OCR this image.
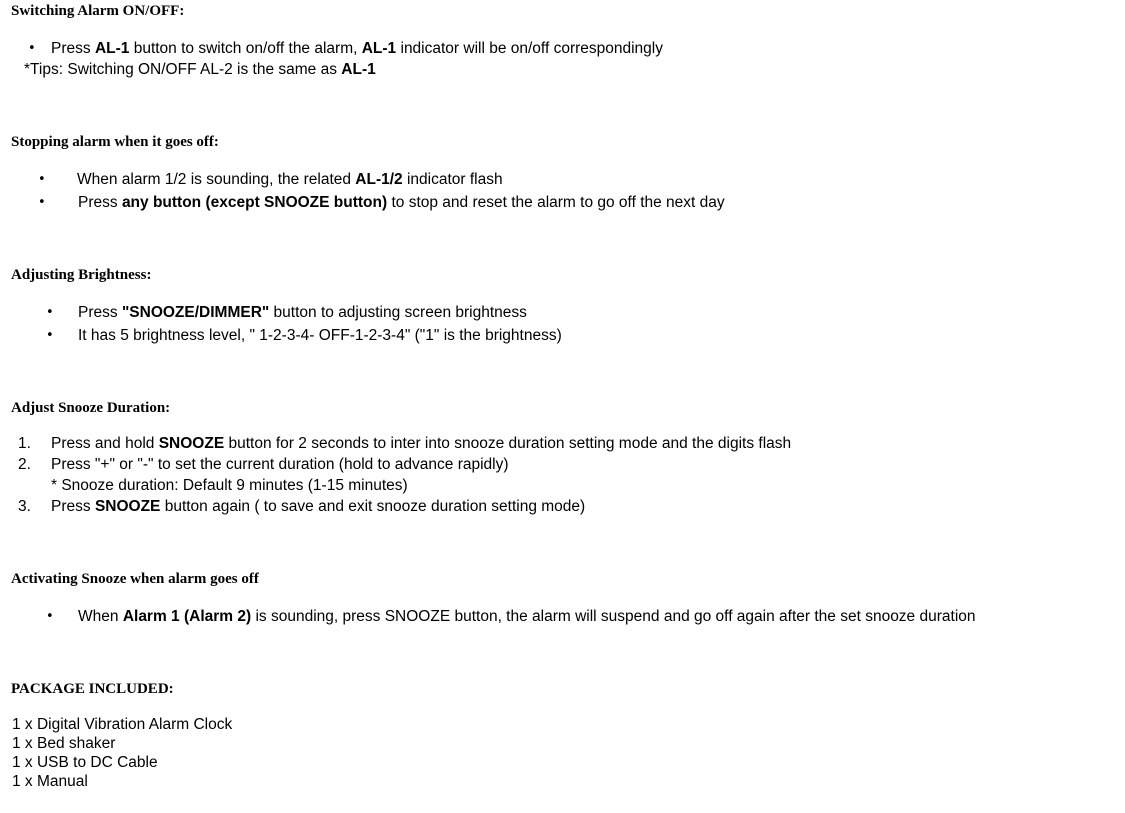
Switching Alarm ON/OFF:
• Press AL-1 button to switch on/off the alarm, AL-1 indicator will be on/off correspondingly

*Tips: Switching ON/OFF AL-2 is the same as AL-1

Stopping alarm when it goes off:
• When alarm 1/2 is sounding, the related AL-1/2 indicator flash

• Press any button (except SNOOZE button) to stop and reset the alarm to go off the next day

Adjusting Brightness:
• Press "SNOOZE/DIMMER" button to adjusting screen brightness

• It has 5 brightness level, " 1-2-3-4- OFF-1-2-3-4" ("1" is the brightness)

Adjust Snooze Duration:
1. Press and hold SNOOZE button for 2 seconds to inter into snooze duration setting mode and the digits flash

2. Press "+" or "-" to set the current duration (hold to advance rapidly)

* Snooze duration: Default 9 minutes (1-15 minutes)

3. Press SNOOZE button again ( to save and exit snooze duration setting mode)

Activating Snooze when alarm goes off
• When Alarm 1 (Alarm 2) is sounding, press SNOOZE button, the alarm will suspend and go off again after the set snooze duration

PACKAGE INCLUDED:

1 x Digital Vibration Alarm Clock

1 x Bed shaker

1 x USB to DC Cable

1 x Manual
